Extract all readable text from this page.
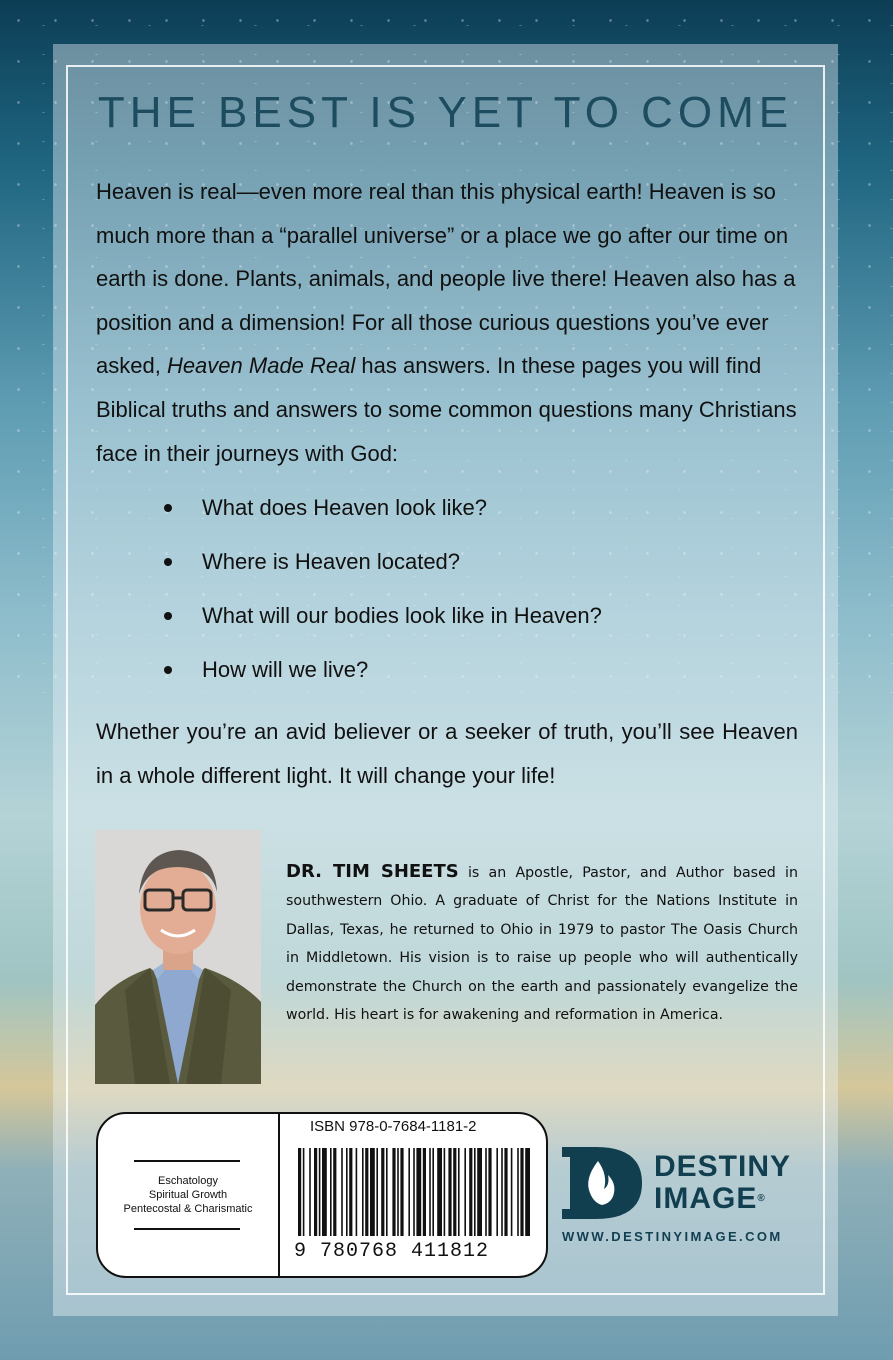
THE BEST IS YET TO COME

Heaven is real—even more real than this physical earth! Heaven is so much more than a “parallel universe” or a place we go after our time on earth is done. Plants, animals, and people live there! Heaven also has a position and a dimension! For all those curious questions you’ve ever asked, Heaven Made Real has answers. In these pages you will find Biblical truths and answers to some common questions many Christians face in their journeys with God:

What does Heaven look like?
Where is Heaven located?
What will our bodies look like in Heaven?
How will we live?

Whether you’re an avid believer or a seeker of truth, you’ll see Heaven in a whole different light. It will change your life!

DR. TIM SHEETS is an Apostle, Pastor, and Author based in southwestern Ohio. A graduate of Christ for the Nations Institute in Dallas, Texas, he returned to Ohio in 1979 to pastor The Oasis Church in Middletown. His vision is to raise up people who will authentically demonstrate the Church on the earth and passionately evangelize the world. His heart is for awakening and reformation in America.

Eschatology
Spiritual Growth
Pentecostal & Charismatic
ISBN 978-0-7684-1181-2
9 780768 411812
DESTINY
IMAGE®
WWW.DESTINYIMAGE.COM
